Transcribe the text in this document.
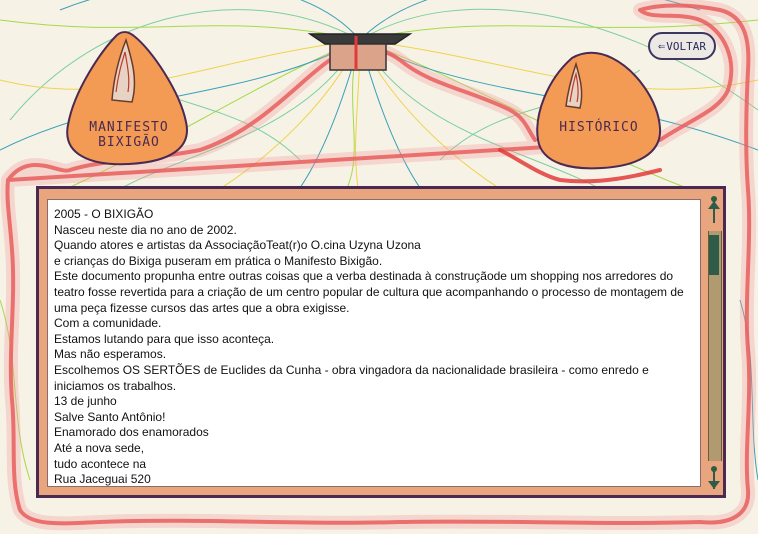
MANIFESTO
BIXIGÃO
HISTÓRICO
⇐ VOLTAR
2005 - O BIXIGÃO
Nasceu neste dia no ano de 2002.
Quando atores e artistas da AssociaçãoTeat(r)o O.cina Uzyna Uzona
e crianças do Bixiga puseram em prática o Manifesto Bixigão.
Este documento propunha entre outras coisas que a verba destinada à construçãode um shopping nos arredores do teatro fosse revertida para a criação de um centro popular de cultura que acompanhando o processo de montagem de uma peça fizesse cursos das artes que a obra exigisse.
Com a comunidade.
Estamos lutando para que isso aconteça.
Mas não esperamos.
Escolhemos OS SERTÕES de Euclides da Cunha - obra vingadora da nacionalidade brasileira - como enredo e iniciamos os trabalhos.
13 de junho
Salve Santo Antônio!
Enamorado dos enamorados
Até a nova sede,
tudo acontece na
Rua Jaceguai 520
